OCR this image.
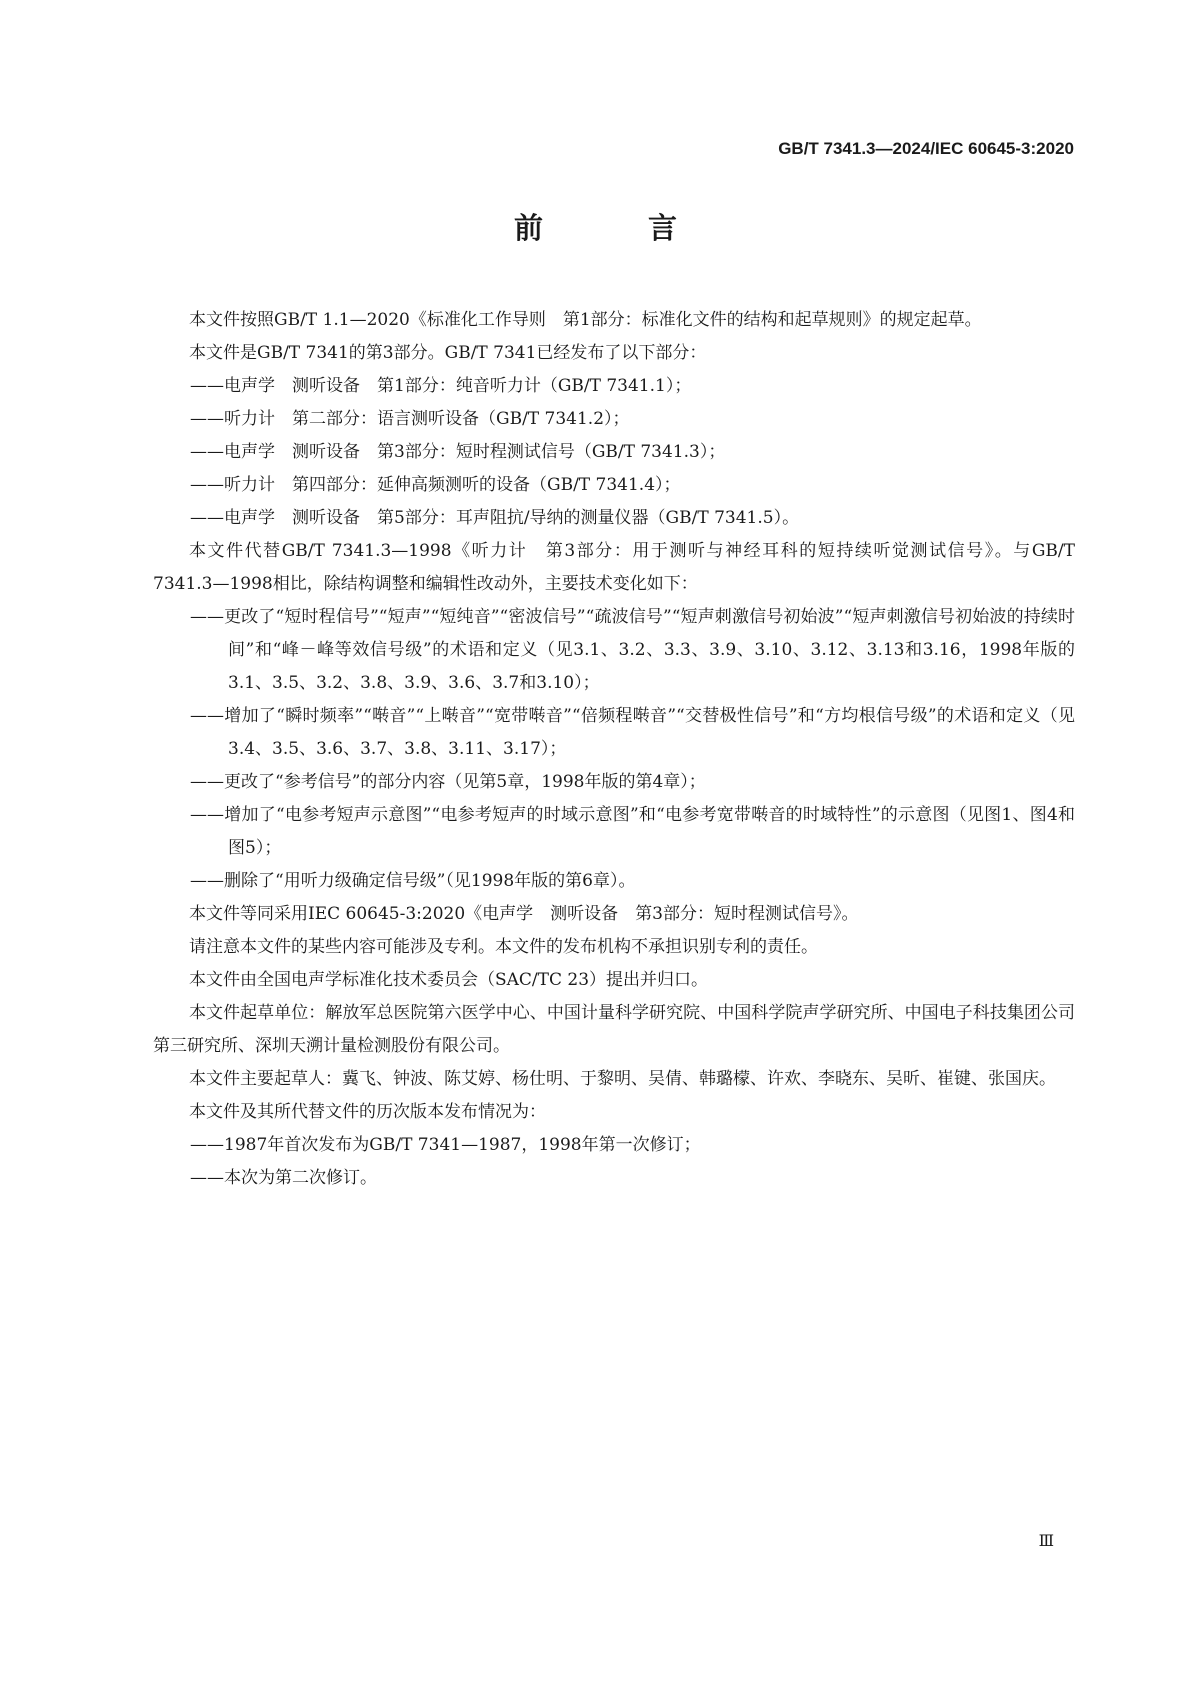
GB/T 7341.3—2024/IEC 60645-3:2020
前　言

本文件按照GB/T 1.1—2020《标准化工作导则　第1部分：标准化文件的结构和起草规则》的规定起草。

本文件是GB/T 7341的第3部分。GB/T 7341已经发布了以下部分：

——电声学　测听设备　第1部分：纯音听力计（GB/T 7341.1）；

——听力计　第二部分：语言测听设备（GB/T 7341.2）；

——电声学　测听设备　第3部分：短时程测试信号（GB/T 7341.3）；

——听力计　第四部分：延伸高频测听的设备（GB/T 7341.4）；

——电声学　测听设备　第5部分：耳声阻抗/导纳的测量仪器（GB/T 7341.5）。

本文件代替GB/T 7341.3—1998《听力计　第3部分：用于测听与神经耳科的短持续听觉测试信号》。与GB/T 7341.3—1998相比，除结构调整和编辑性改动外，主要技术变化如下：

——更改了“短时程信号”“短声”“短纯音”“密波信号”“疏波信号”“短声刺激信号初始波”“短声刺激信号初始波的持续时间”和“峰－峰等效信号级”的术语和定义（见3.1、3.2、3.3、3.9、3.10、3.12、3.13和3.16，1998年版的3.1、3.5、3.2、3.8、3.9、3.6、3.7和3.10）；

——增加了“瞬时频率”“啭音”“上啭音”“宽带啭音”“倍频程啭音”“交替极性信号”和“方均根信号级”的术语和定义（见3.4、3.5、3.6、3.7、3.8、3.11、3.17）；

——更改了“参考信号”的部分内容（见第5章，1998年版的第4章）；

——增加了“电参考短声示意图”“电参考短声的时域示意图”和“电参考宽带啭音的时域特性”的示意图（见图1、图4和图5）；

——删除了“用听力级确定信号级”（见1998年版的第6章）。

本文件等同采用IEC 60645-3:2020《电声学　测听设备　第3部分：短时程测试信号》。

请注意本文件的某些内容可能涉及专利。本文件的发布机构不承担识别专利的责任。

本文件由全国电声学标准化技术委员会（SAC/TC 23）提出并归口。

本文件起草单位：解放军总医院第六医学中心、中国计量科学研究院、中国科学院声学研究所、中国电子科技集团公司第三研究所、深圳天溯计量检测股份有限公司。

本文件主要起草人：冀飞、钟波、陈艾婷、杨仕明、于黎明、吴倩、韩璐檬、许欢、李晓东、吴昕、崔键、张国庆。

本文件及其所代替文件的历次版本发布情况为：

——1987年首次发布为GB/T 7341—1987，1998年第一次修订；

——本次为第二次修订。

Ⅲ
